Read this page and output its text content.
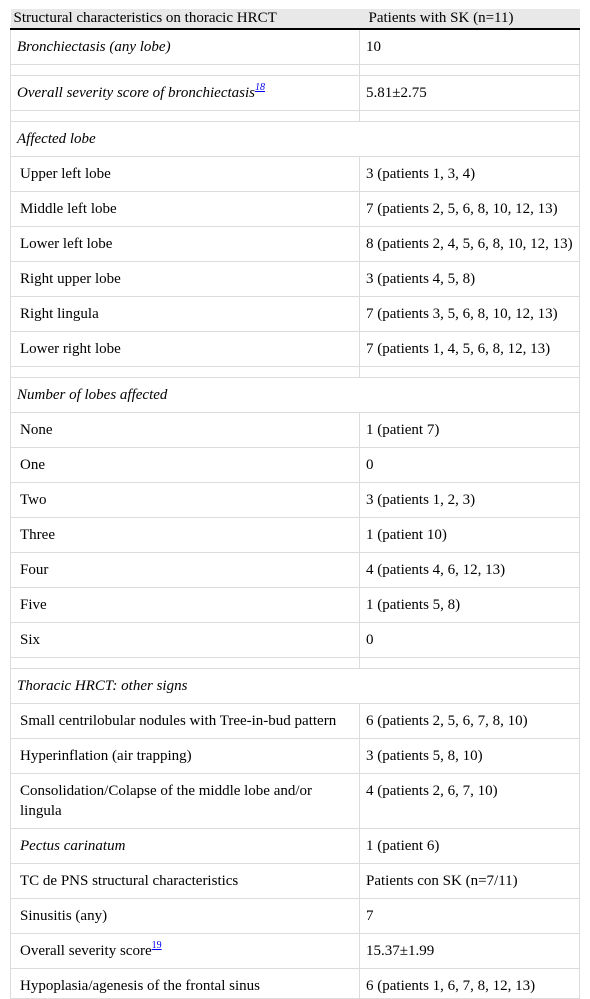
Structural characteristics on thoracic HRCT	Patients with SK (n=11)
Bronchiectasis (any lobe)	10

Overall severity score of bronchiectasis$^{18}$	5.81±2.75

Affected lobe	
Upper left lobe	3 (patients 1, 3, 4)
Middle left lobe	7 (patients 2, 5, 6, 8, 10, 12, 13)
Lower left lobe	8 (patients 2, 4, 5, 6, 8, 10, 12, 13)
Right upper lobe	3 (patients 4, 5, 8)
Right lingula	7 (patients 3, 5, 6, 8, 10, 12, 13)
Lower right lobe	7 (patients 1, 4, 5, 6, 8, 12, 13)

Number of lobes affected	
None	1 (patient 7)
One	0
Two	3 (patients 1, 2, 3)
Three	1 (patient 10)
Four	4 (patients 4, 6, 12, 13)
Five	1 (patients 5, 8)
Six	0

Thoracic HRCT: other signs	
Small centrilobular nodules with Tree-in-bud pattern	6 (patients 2, 5, 6, 7, 8, 10)
Hyperinflation (air trapping)	3 (patients 5, 8, 10)
Consolidation/Colapse of the middle lobe and/or lingula	4 (patients 2, 6, 7, 10)
Pectus carinatum	1 (patient 6)
TC de PNS structural characteristics	Patients con SK (n=7/11)
Sinusitis (any)	7
Overall severity score$^{19}$	15.37±1.99
Hypoplasia/agenesis of the frontal sinus	6 (patients 1, 6, 7, 8, 12, 13)
